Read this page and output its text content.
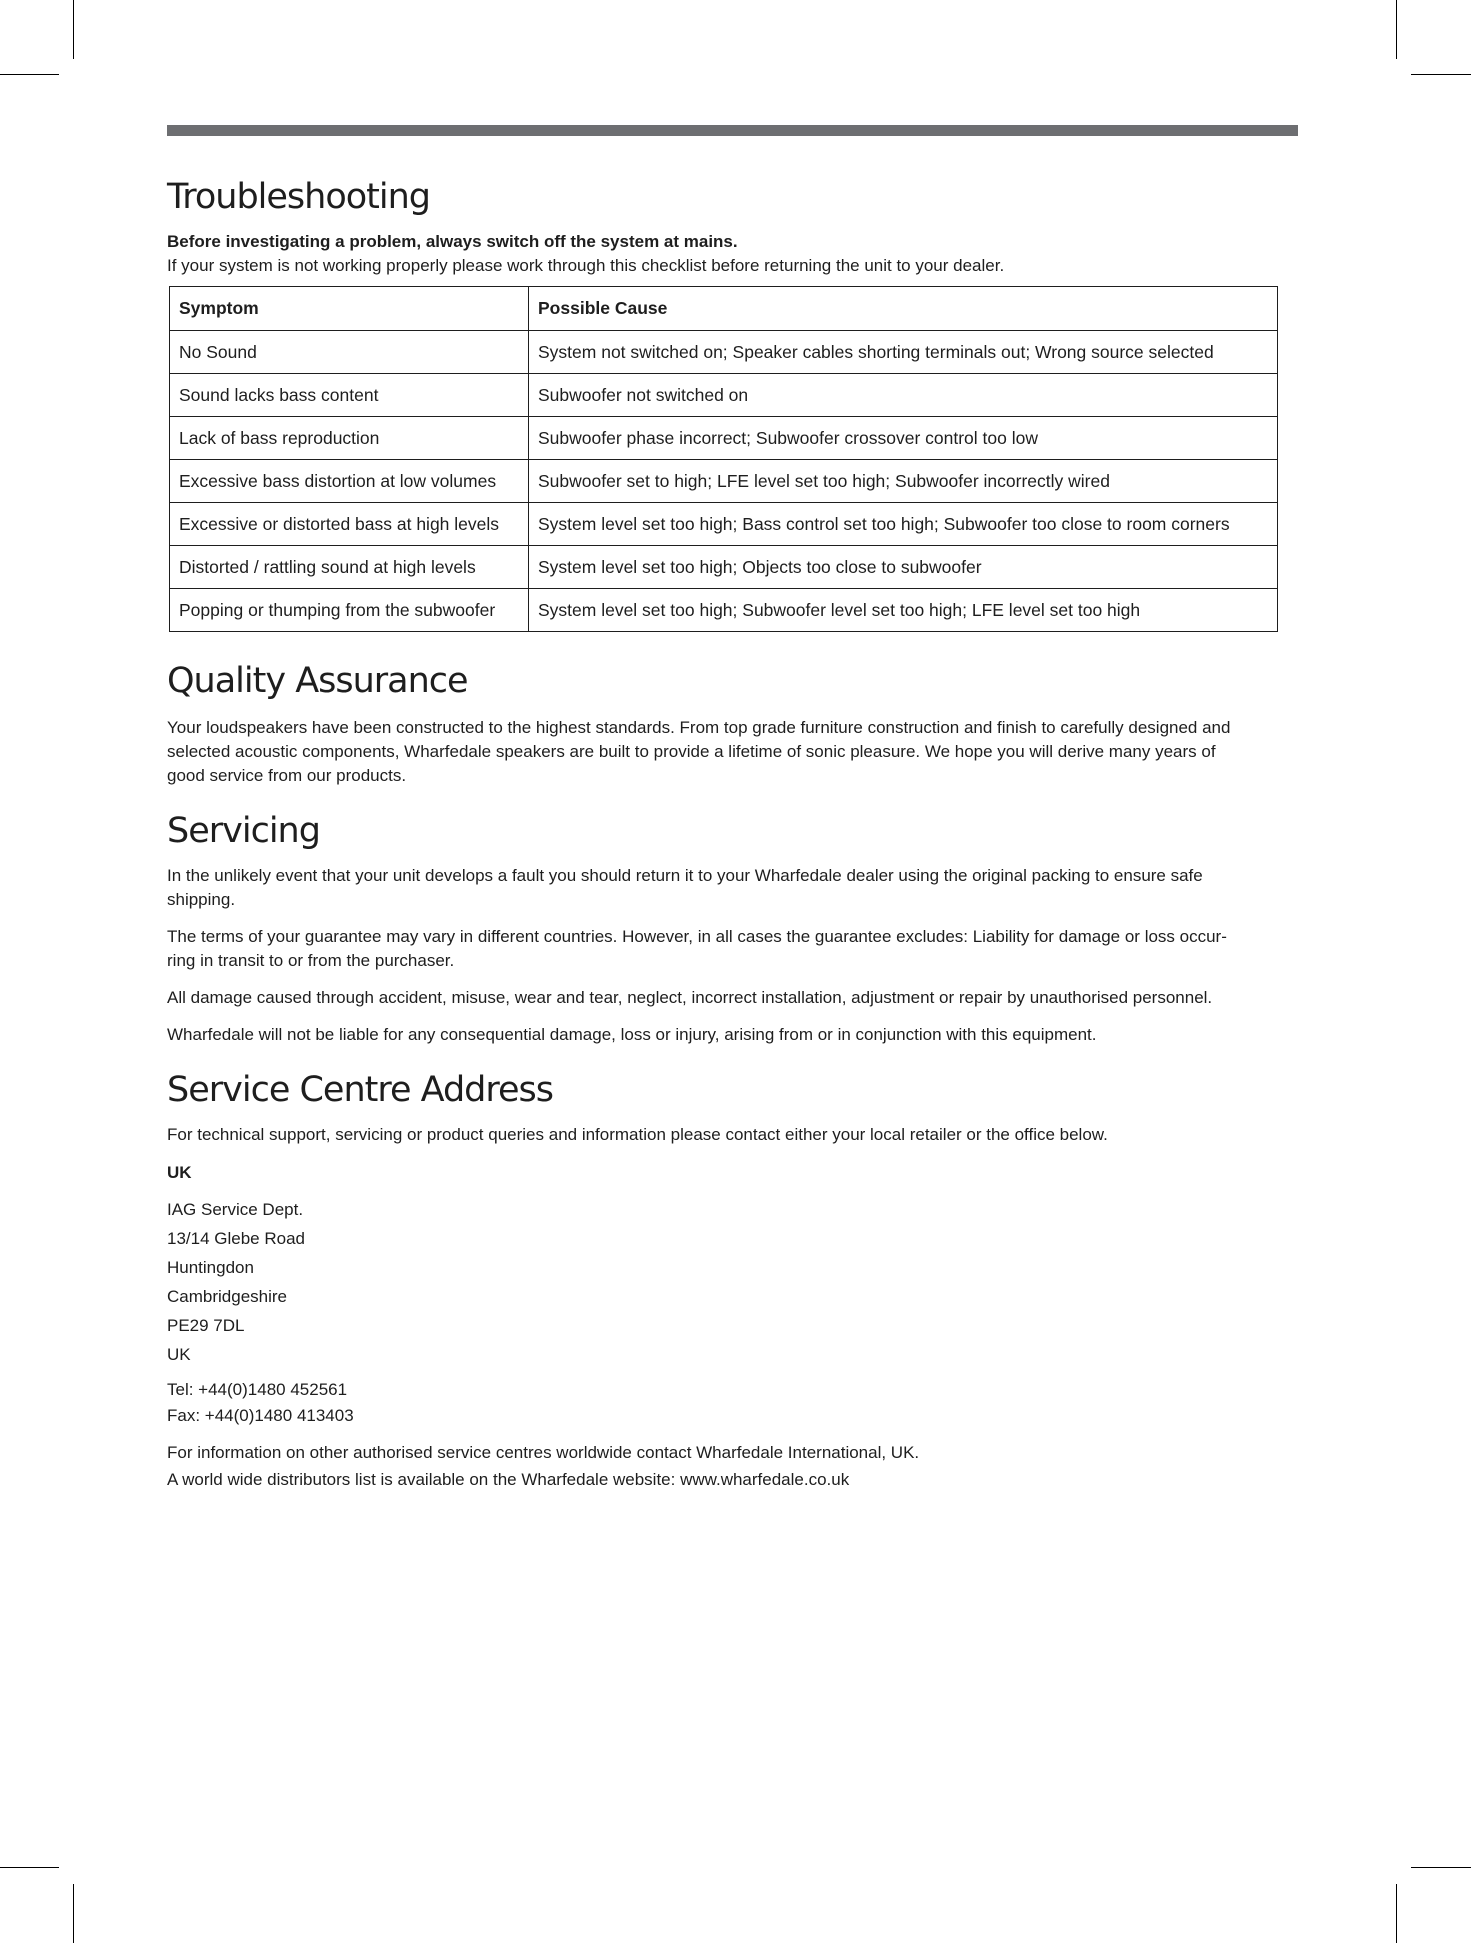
Troubleshooting

Before investigating a problem, always switch off the system at mains.

If your system is not working properly please work through this checklist before returning the unit to your dealer.

Symptom	Possible Cause
No Sound	System not switched on; Speaker cables shorting terminals out; Wrong source selected
Sound lacks bass content	Subwoofer not switched on
Lack of bass reproduction	Subwoofer phase incorrect; Subwoofer crossover control too low
Excessive bass distortion at low volumes	Subwoofer set to high; LFE level set too high; Subwoofer incorrectly wired
Excessive or distorted bass at high levels	System level set too high; Bass control set too high; Subwoofer too close to room corners
Distorted / rattling sound at high levels	System level set too high; Objects too close to subwoofer
Popping or thumping from the subwoofer	System level set too high; Subwoofer level set too high; LFE level set too high
Quality Assurance

Your loudspeakers have been constructed to the highest standards. From top grade furniture construction and finish to carefully designed and

selected acoustic components, Wharfedale speakers are built to provide a lifetime of sonic pleasure. We hope you will derive many years of

good service from our products.

Servicing

In the unlikely event that your unit develops a fault you should return it to your Wharfedale dealer using the original packing to ensure safe

shipping.

The terms of your guarantee may vary in different countries. However, in all cases the guarantee excludes: Liability for damage or loss occur-

ring in transit to or from the purchaser.

All damage caused through accident, misuse, wear and tear, neglect, incorrect installation, adjustment or repair by unauthorised personnel.

Wharfedale will not be liable for any consequential damage, loss or injury, arising from or in conjunction with this equipment.

Service Centre Address

For technical support, servicing or product queries and information please contact either your local retailer or the office below.

UK

IAG Service Dept.

13/14 Glebe Road

Huntingdon

Cambridgeshire

PE29 7DL

UK

Tel: +44(0)1480 452561

Fax: +44(0)1480 413403

For information on other authorised service centres worldwide contact Wharfedale International, UK.

A world wide distributors list is available on the Wharfedale website: www.wharfedale.co.uk
